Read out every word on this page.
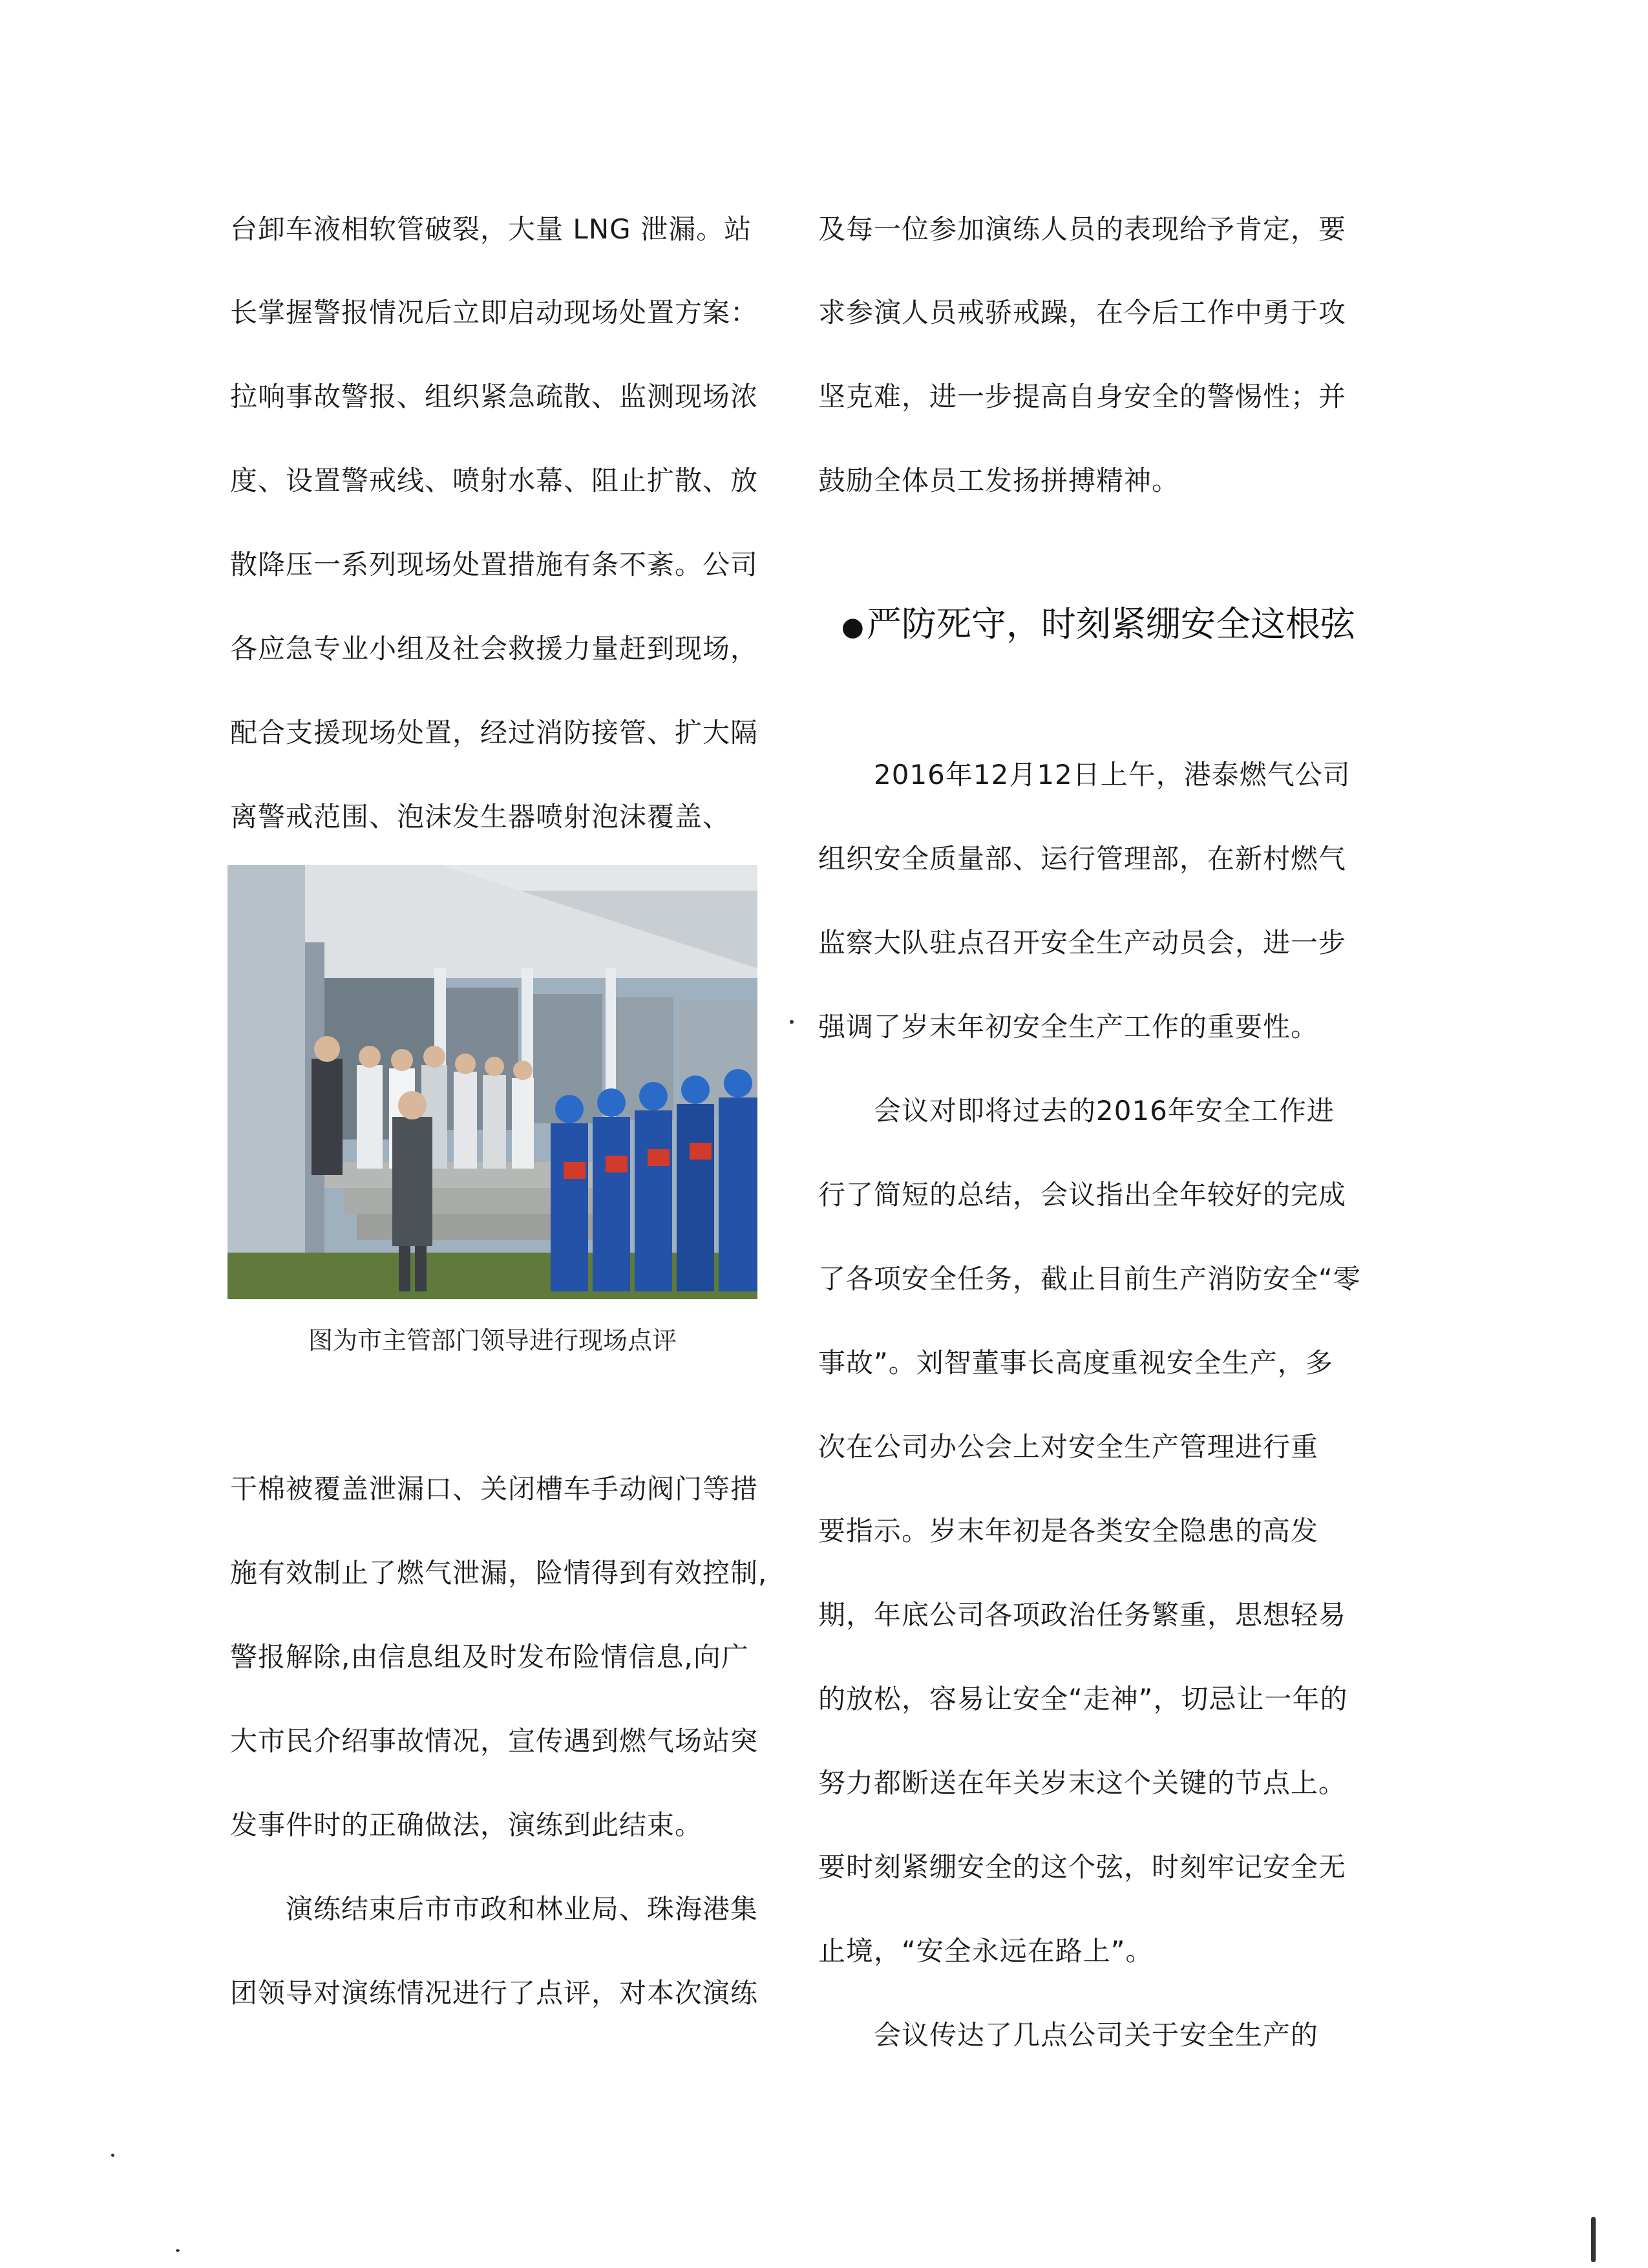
台卸车液相软管破裂，大量 LNG 泄漏。站
长掌握警报情况后立即启动现场处置方案：
拉响事故警报、组织紧急疏散、监测现场浓
度、设置警戒线、喷射水幕、阻止扩散、放
散降压一系列现场处置措施有条不紊。公司
各应急专业小组及社会救援力量赶到现场，
配合支援现场处置，经过消防接管、扩大隔
离警戒范围、泡沫发生器喷射泡沫覆盖、
图为市主管部门领导进行现场点评
干棉被覆盖泄漏口、关闭槽车手动阀门等措
施有效制止了燃气泄漏，险情得到有效控制,
警报解除,由信息组及时发布险情信息,向广
大市民介绍事故情况，宣传遇到燃气场站突
发事件时的正确做法，演练到此结束。
　　演练结束后市市政和林业局、珠海港集
团领导对演练情况进行了点评，对本次演练
及每一位参加演练人员的表现给予肯定，要
求参演人员戒骄戒躁，在今后工作中勇于攻
坚克难，进一步提高自身安全的警惕性；并
鼓励全体员工发扬拼搏精神。
●严防死守，时刻紧绷安全这根弦
　　2016年12月12日上午，港泰燃气公司
组织安全质量部、运行管理部，在新村燃气
监察大队驻点召开安全生产动员会，进一步
强调了岁末年初安全生产工作的重要性。
　　会议对即将过去的2016年安全工作进
行了简短的总结，会议指出全年较好的完成
了各项安全任务，截止目前生产消防安全“零
事故”。刘智董事长高度重视安全生产，多
次在公司办公会上对安全生产管理进行重
要指示。岁末年初是各类安全隐患的高发
期，年底公司各项政治任务繁重，思想轻易
的放松，容易让安全“走神”，切忌让一年的
努力都断送在年关岁末这个关键的节点上。
要时刻紧绷安全的这个弦，时刻牢记安全无
止境，“安全永远在路上”。
　　会议传达了几点公司关于安全生产的
